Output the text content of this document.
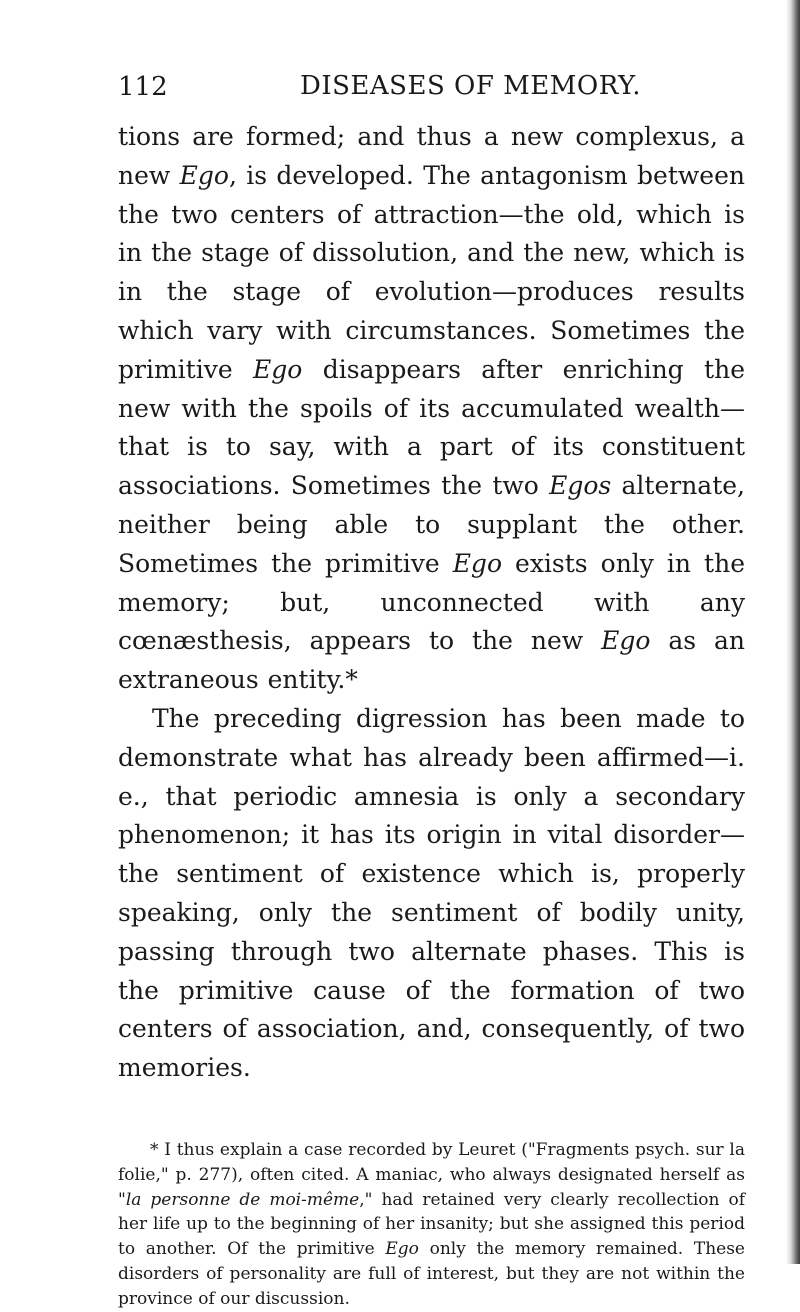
112	DISEASES OF MEMORY.

tions are formed; and thus a new complexus, a new Ego, is developed. The antagonism between the two centers of attraction—the old, which is in the stage of dissolution, and the new, which is in the stage of evolution—produces results which vary with circumstances. Sometimes the primitive Ego disappears after enriching the new with the spoils of its accumulated wealth—that is to say, with a part of its constituent associations. Sometimes the two Egos alternate, neither being able to supplant the other. Sometimes the primitive Ego exists only in the memory; but, unconnected with any cœnæsthesis, appears to the new Ego as an extraneous entity.*

The preceding digression has been made to demonstrate what has already been affirmed—i. e., that periodic amnesia is only a secondary phenomenon; it has its origin in vital disorder—the sentiment of existence which is, properly speaking, only the sentiment of bodily unity, passing through two alternate phases. This is the primitive cause of the formation of two centers of association, and, consequently, of two memories.

* I thus explain a case recorded by Leuret ("Fragments psych. sur la folie," p. 277), often cited. A maniac, who always designated herself as "la personne de moi-même," had retained very clearly recollection of her life up to the beginning of her insanity; but she assigned this period to another. Of the primitive Ego only the memory remained. These disorders of personality are full of interest, but they are not within the province of our discussion.
